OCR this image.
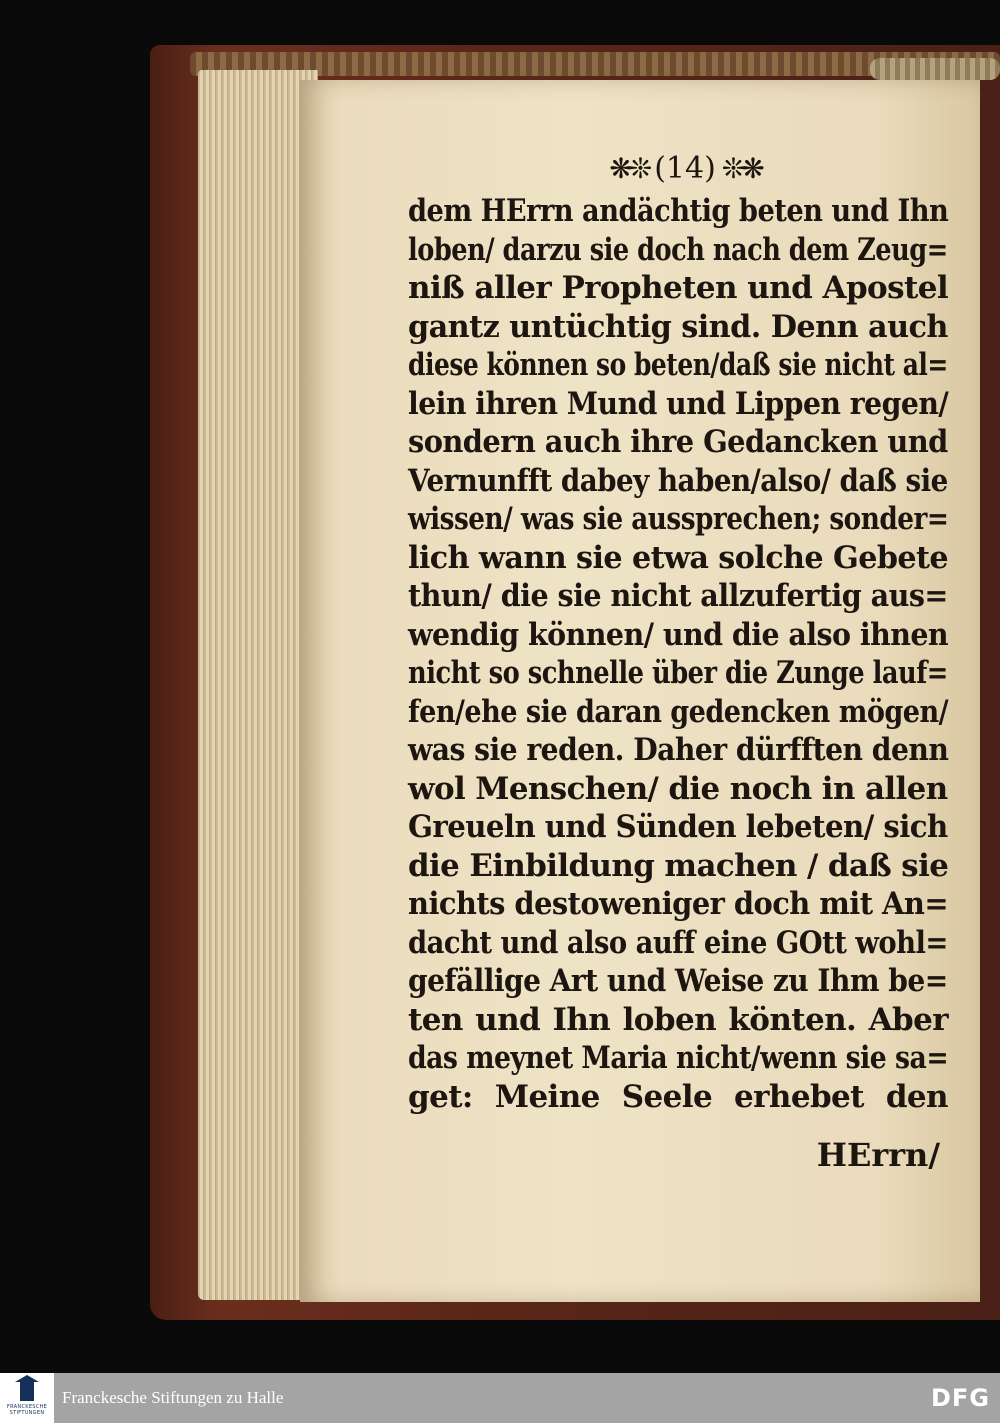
❋❊ (14) ❊❋
dem HErrn andächtig beten und Ihn
loben/ darzu sie doch nach dem Zeug=
niß aller Propheten und Apostel
gantz untüchtig sind. Denn auch
diese können so beten/daß sie nicht al=
lein ihren Mund und Lippen regen/
sondern auch ihre Gedancken und
Vernunfft dabey haben/also/ daß sie
wissen/ was sie aussprechen; sonder=
lich wann sie etwa solche Gebete
thun/ die sie nicht allzufertig aus=
wendig können/ und die also ihnen
nicht so schnelle über die Zunge lauf=
fen/ehe sie daran gedencken mögen/
was sie reden. Daher dürfften denn
wol Menschen/ die noch in allen
Greueln und Sünden lebeten/ sich
die Einbildung machen / daß sie
nichts destoweniger doch mit An=
dacht und also auff eine GOtt wohl=
gefällige Art und Weise zu Ihm be=
ten und Ihn loben könten. Aber
das meynet Maria nicht/wenn sie sa=
get: Meine Seele erhebet den
HErrn/
FRANCKESCHE
STIFTUNGEN
Franckesche Stiftungen zu Halle	DFG
